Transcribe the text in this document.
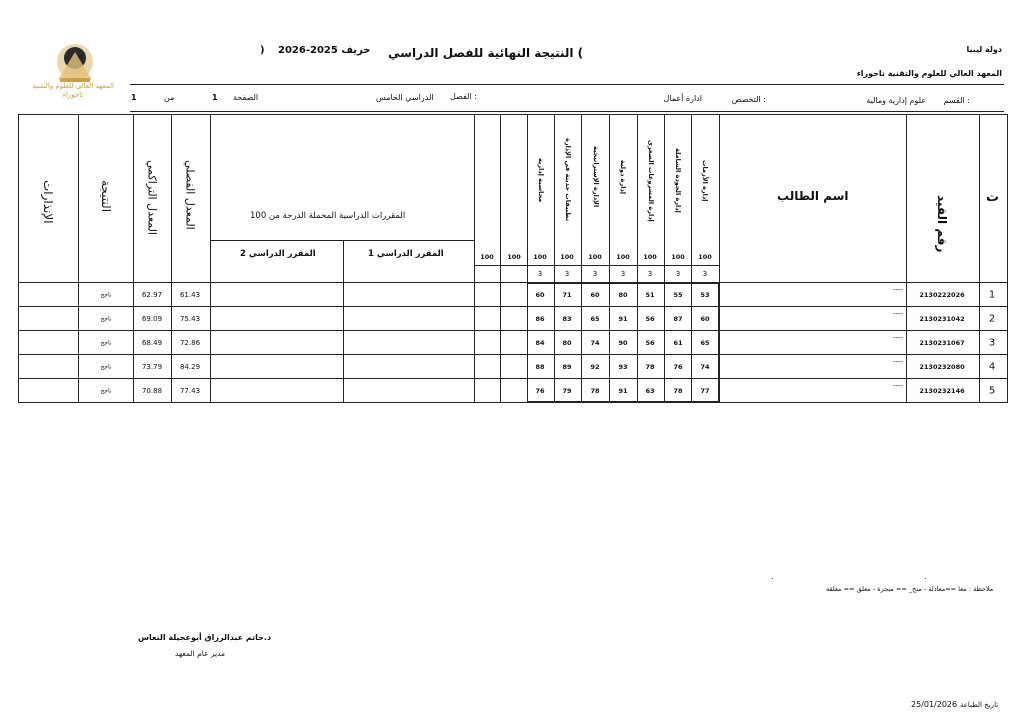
دولة ليبيا
المعهد العالي للعلوم والتقنية تاجوراء
النتيجة النهائية للفصل الدراسي (
خريف 2025-2026
)
المعهد العالي للعلوم والتقنية تاجوراء
القسم :
علوم إدارية ومالية
التخصص :
ادارة أعمال
الفصل :
الدراسي الخامس
الصفحة
1
من
1
ت
رقم القيد
اسم الطالب
إدارة الأزمات
إدارة الجودة الشاملة
إدارة المشروعات الصغرى
إدارة دولية
الإدارة الإستراتيجية
تطبيقات حديثة في الإدارة
محاسبة إدارية
100
100
100
100
100
100
100
100
100
3
3
3
3
3
3
3
المقررات الدراسية المحملة الدرجة من 100
المقرر الدراسي 1
المقرر الدراسي 2
المعدل الفصلي
المعدل التراكمي
النتيجة
الإنذارات
1
2130222026
----
53
55
51
80
60
71
60
61.43
62.97
ناجح
2
2130231042
----
60
87
56
91
65
83
86
75.43
69.09
ناجح
3
2130231067
----
65
61
56
90
74
80
84
72.86
68.49
ناجح
4
2130232080
----
74
76
78
93
92
89
88
84.29
73.79
ناجح
5
2130232146
----
77
78
63
91
78
79
76
77.43
70.88
ناجح
ملاحظة : معا ==معادلة - منح_ == مبجزة - معلق == معلقة
.
.
د.حاتم عبدالرزاق أبوعجيلة النعاس
مدير عام المعهد
تاريخ الطباعة
25/01/2026
